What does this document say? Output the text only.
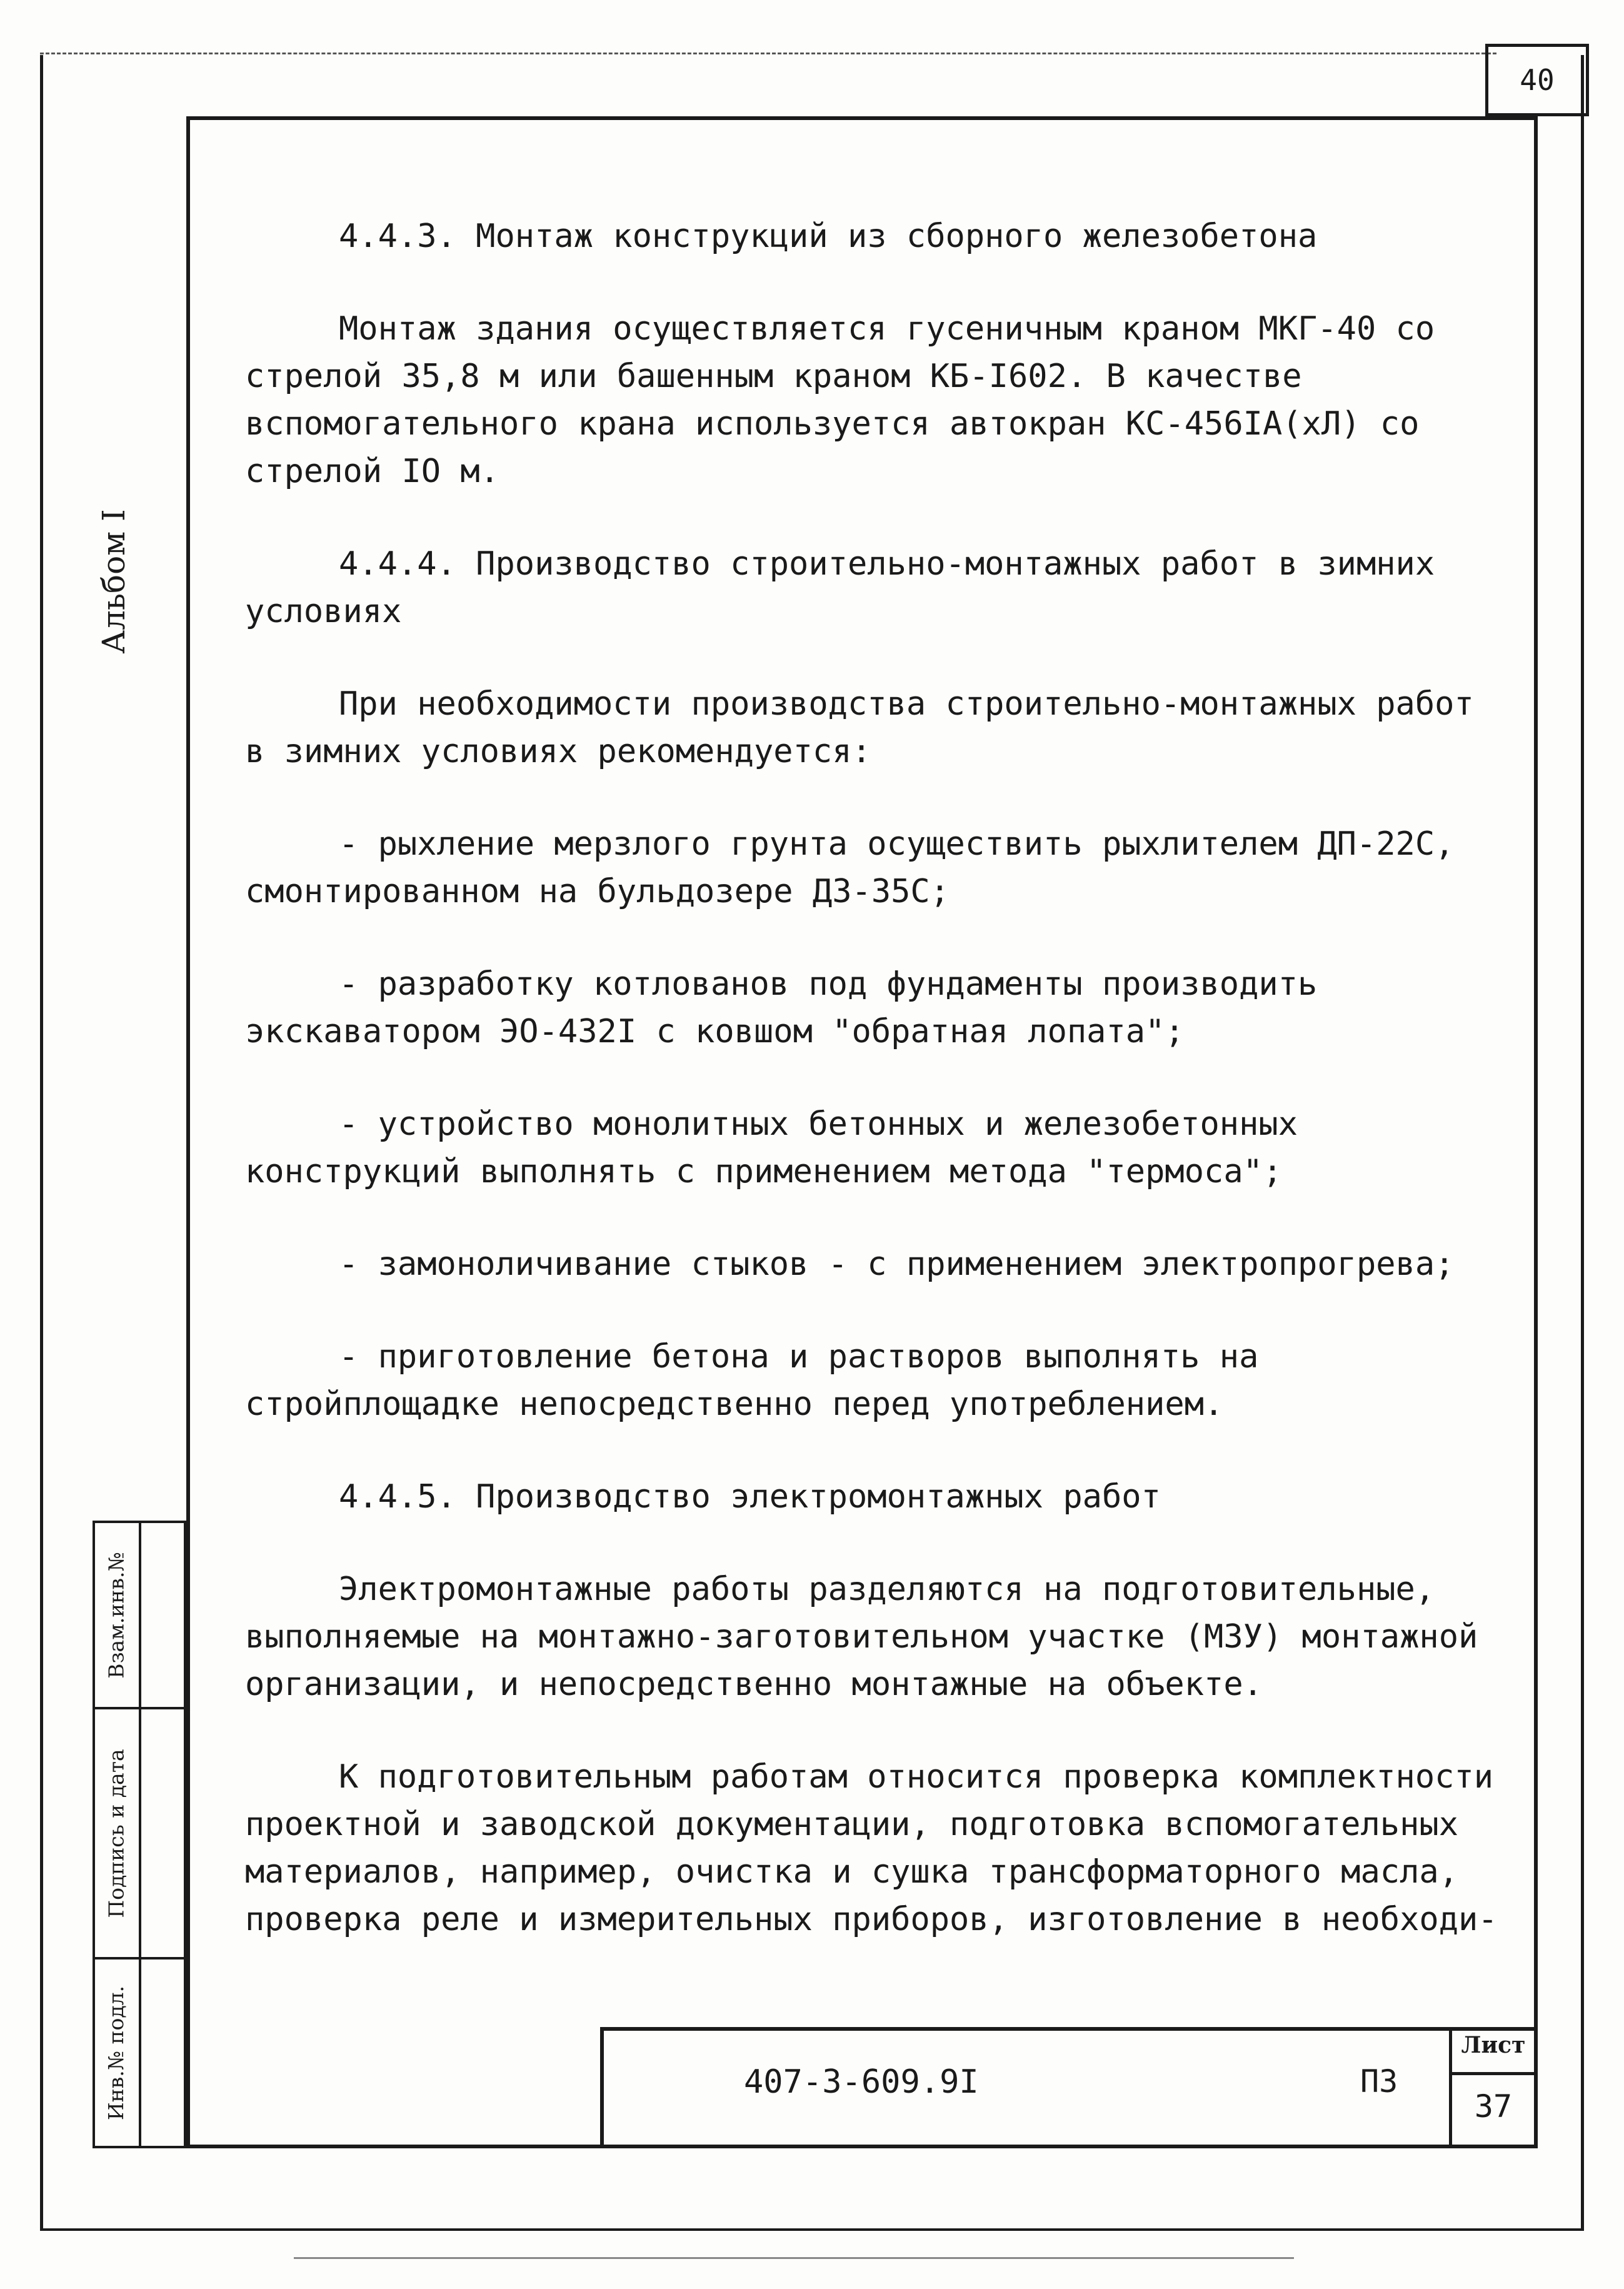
40
Альбом I
Взам.инв.№
Подпись и дата
Инв.№ подл.

4.4.3. Монтаж конструкций из сборного железобетона

Монтаж здания осуществляется гусеничным краном МКГ-40 со стрелой 35,8 м или башенным краном КБ-I602. В качестве вспомогательного крана используется автокран КС-456IА(хЛ) со стрелой IО м.

4.4.4. Производство строительно-монтажных работ в зимних условиях

При необходимости производства строительно-монтажных работ в зимних условиях рекомендуется:

- рыхление мерзлого грунта осуществить рыхлителем ДП-22С, смонтированном на бульдозере ДЗ-35С;

- разработку котлованов под фундаменты производить экскаватором ЭО-432I с ковшом "обратная лопата";

- устройство монолитных бетонных и железобетонных конструкций выполнять с применением метода "термоса";

- замоноличивание стыков - с применением электропрогрева;

- приготовление бетона и растворов выполнять на стройплощадке непосредственно перед употреблением.

4.4.5. Производство электромонтажных работ

Электромонтажные работы разделяются на подготовительные, выполняемые на монтажно-заготовительном участке (МЗУ) монтажной организации, и непосредственно монтажные на объекте.

К подготовительным работам относится проверка комплектности проектной и заводской документации, подготовка вспомогательных материалов, например, очистка и сушка трансформаторного масла, проверка реле и измерительных приборов, изготовление в необходи-

407-3-609.9I	ПЗ
Лист
37
